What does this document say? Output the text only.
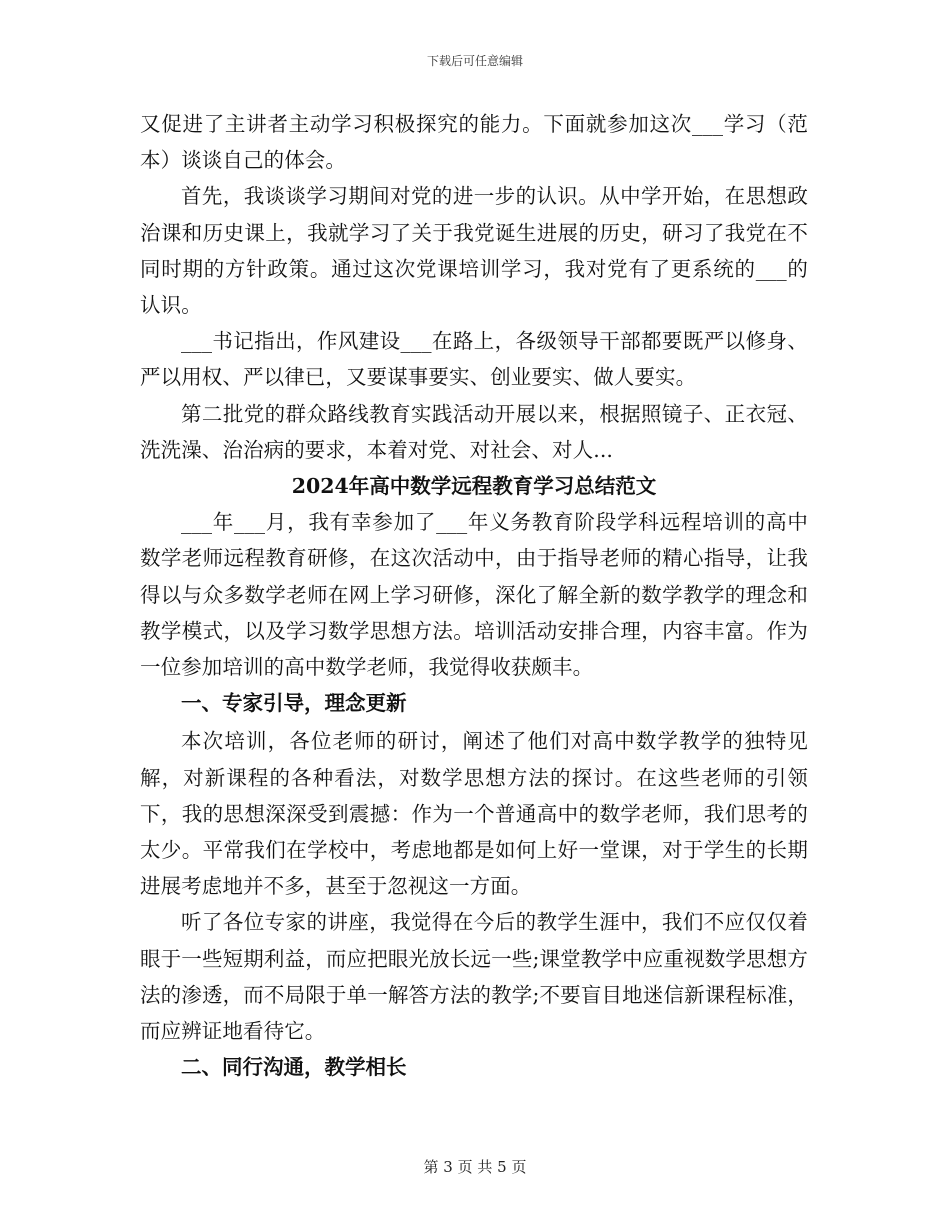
下载后可任意编辑

又促进了主讲者主动学习积极探究的能力。下面就参加这次___学习（范本）谈谈自己的体会。

首先，我谈谈学习期间对党的进一步的认识。从中学开始，在思想政治课和历史课上，我就学习了关于我党诞生进展的历史，研习了我党在不同时期的方针政策。通过这次党课培训学习，我对党有了更系统的___的认识。

___书记指出，作风建设___在路上，各级领导干部都要既严以修身、严以用权、严以律已，又要谋事要实、创业要实、做人要实。

第二批党的群众路线教育实践活动开展以来，根据照镜子、正衣冠、洗洗澡、治治病的要求，本着对党、对社会、对人...

2024年高中数学远程教育学习总结范文

___年___月，我有幸参加了___年义务教育阶段学科远程培训的高中数学老师远程教育研修，在这次活动中，由于指导老师的精心指导，让我得以与众多数学老师在网上学习研修，深化了解全新的数学教学的理念和教学模式，以及学习数学思想方法。培训活动安排合理，内容丰富。作为一位参加培训的高中数学老师，我觉得收获颇丰。

一、专家引导，理念更新

本次培训，各位老师的研讨，阐述了他们对高中数学教学的独特见解，对新课程的各种看法，对数学思想方法的探讨。在这些老师的引领下，我的思想深深受到震撼：作为一个普通高中的数学老师，我们思考的太少。平常我们在学校中，考虑地都是如何上好一堂课，对于学生的长期进展考虑地并不多，甚至于忽视这一方面。

听了各位专家的讲座，我觉得在今后的教学生涯中，我们不应仅仅着眼于一些短期利益，而应把眼光放长远一些;课堂教学中应重视数学思想方法的渗透，而不局限于单一解答方法的教学;不要盲目地迷信新课程标准，而应辨证地看待它。

二、同行沟通，教学相长

第 3 页 共 5 页
